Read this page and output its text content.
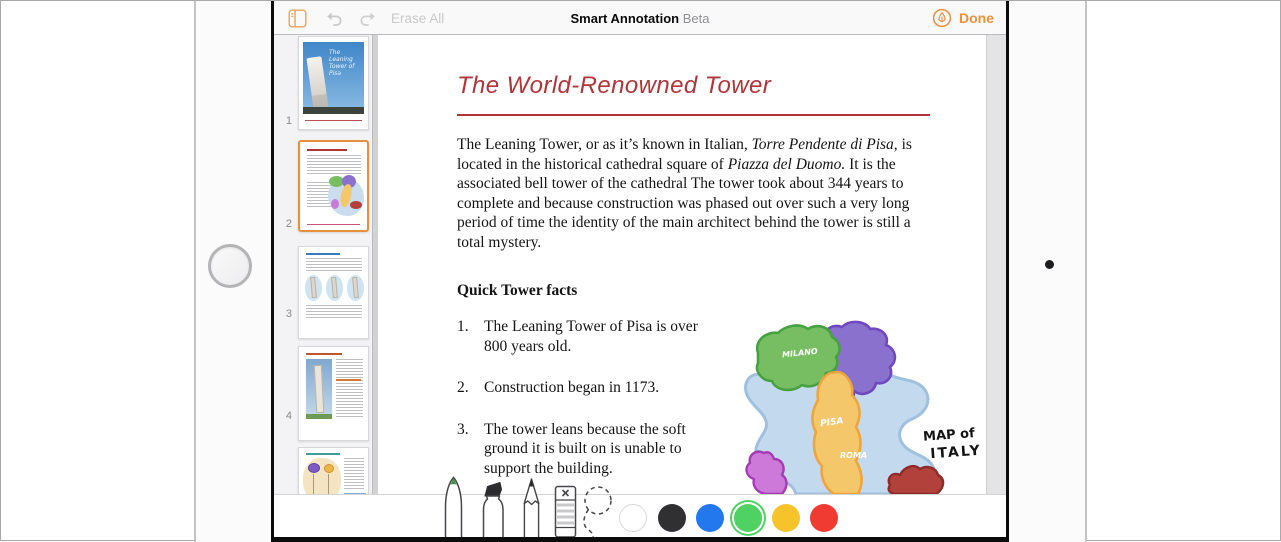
Erase All	Smart Annotation Beta	Done
The Leaning Tower of Pisa
1
2
3
4
The World-Renowned Tower
The Leaning Tower, or as it’s known in Italian, Torre Pendente di Pisa, is located in the historical cathedral square of Piazza del Duomo. It is the associated bell tower of the cathedral The tower took about 344 years to complete and because construction was phased out over such a very long period of time the identity of the main architect behind the tower is still a total mystery.
Quick Tower facts
1. The Leaning Tower of Pisa is over 800 years old.
2. Construction began in 1173.
3. The tower leans because the soft ground it is built on is unable to support the building.
MILANO
PISA
ROMA
MAP of
ITALY
